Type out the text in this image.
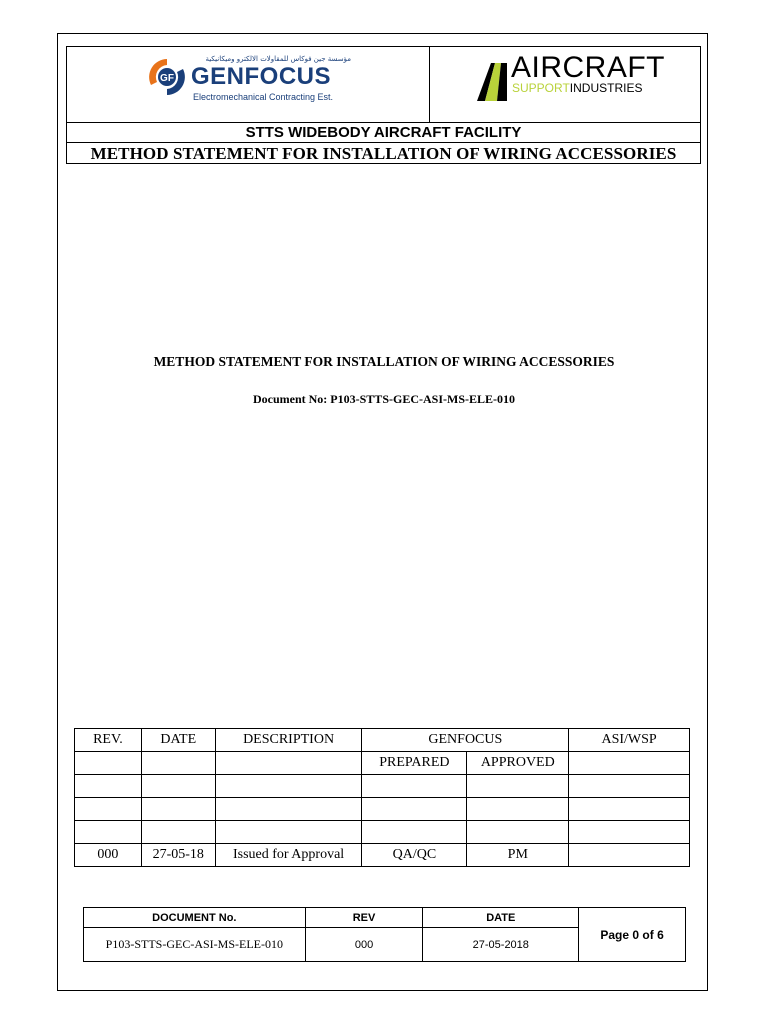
GF
مؤسسة جين فوكاس للمقاولات الالكترو وميكانيكية
GENFOCUS
Electromechanical Contracting Est.
AIRCRAFT
SUPPORTINDUSTRIES
STTS WIDEBODY AIRCRAFT FACILITY
METHOD STATEMENT FOR INSTALLATION OF WIRING ACCESSORIES
METHOD STATEMENT FOR INSTALLATION OF WIRING ACCESSORIES
Document No: P103-STTS-GEC-ASI-MS-ELE-010
REV.	DATE	DESCRIPTION	GENFOCUS		ASI/WSP
			PREPARED	APPROVED	

000	27-05-18	Issued for Approval	QA/QC	PM	
DOCUMENT No.	REV	DATE	Page 0 of 6
P103-STTS-GEC-ASI-MS-ELE-010	000	27-05-2018	
